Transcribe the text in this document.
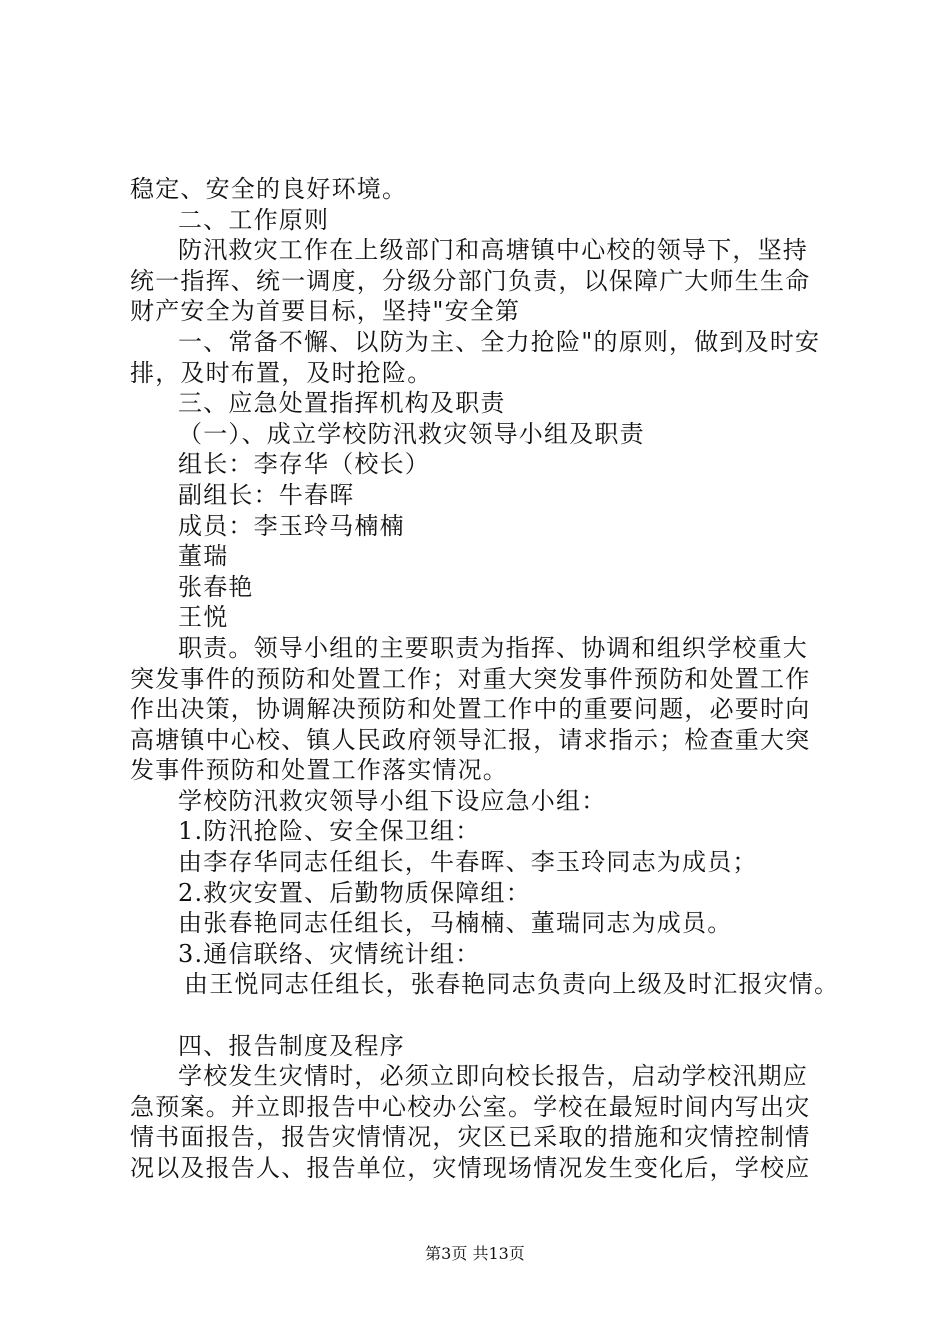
稳定、安全的良好环境。
二、工作原则
防汛救灾工作在上级部门和高塘镇中心校的领导下，坚持
统一指挥、统一调度，分级分部门负责，以保障广大师生生命
财产安全为首要目标，坚持"安全第
一、常备不懈、以防为主、全力抢险"的原则，做到及时安
排，及时布置，及时抢险。
三、应急处置指挥机构及职责
（一）、成立学校防汛救灾领导小组及职责
组长：李存华（校长）
副组长：牛春晖
成员：李玉玲马楠楠
董瑞
张春艳
王悦
职责。领导小组的主要职责为指挥、协调和组织学校重大
突发事件的预防和处置工作；对重大突发事件预防和处置工作
作出决策，协调解决预防和处置工作中的重要问题，必要时向
高塘镇中心校、镇人民政府领导汇报，请求指示；检查重大突
发事件预防和处置工作落实情况。
学校防汛救灾领导小组下设应急小组：
1.防汛抢险、安全保卫组：
由李存华同志任组长，牛春晖、李玉玲同志为成员；
2.救灾安置、后勤物质保障组：
由张春艳同志任组长，马楠楠、董瑞同志为成员。
3.通信联络、灾情统计组：
由王悦同志任组长，张春艳同志负责向上级及时汇报灾情。
四、报告制度及程序
学校发生灾情时，必须立即向校长报告，启动学校汛期应
急预案。并立即报告中心校办公室。学校在最短时间内写出灾
情书面报告，报告灾情情况，灾区已采取的措施和灾情控制情
况以及报告人、报告单位，灾情现场情况发生变化后，学校应
第3页 共13页
